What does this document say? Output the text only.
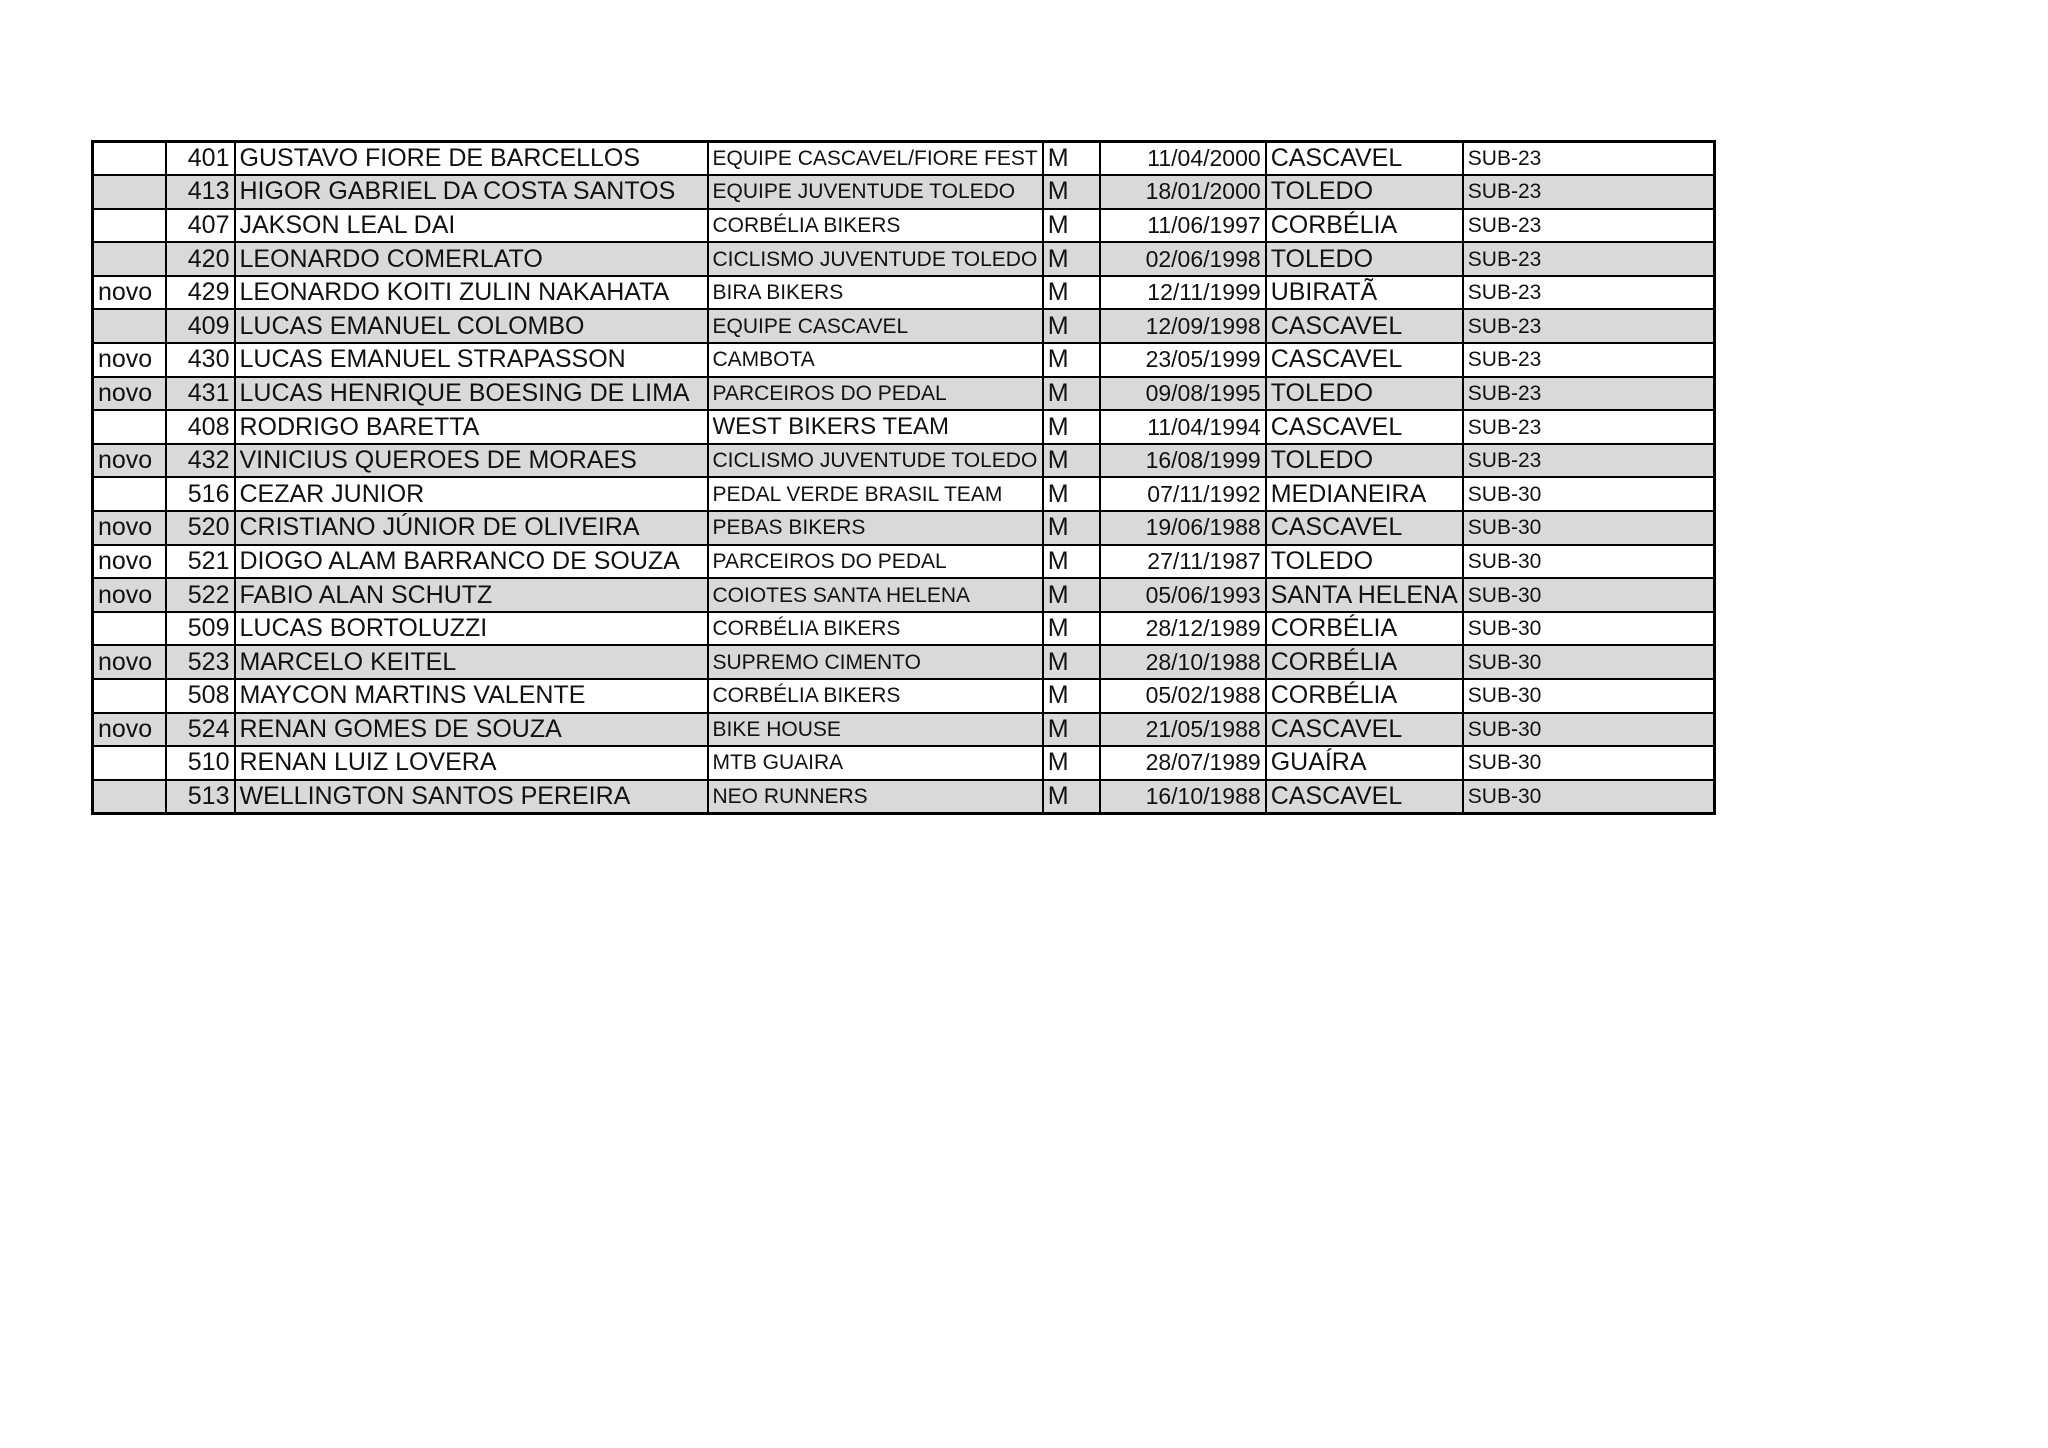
	401	GUSTAVO FIORE DE BARCELLOS	EQUIPE CASCAVEL/FIORE FEST	M	11/04/2000	CASCAVEL	SUB-23
	413	HIGOR GABRIEL DA COSTA SANTOS	EQUIPE JUVENTUDE TOLEDO	M	18/01/2000	TOLEDO	SUB-23
	407	JAKSON LEAL DAI	CORBÉLIA BIKERS	M	11/06/1997	CORBÉLIA	SUB-23
	420	LEONARDO COMERLATO	CICLISMO JUVENTUDE TOLEDO	M	02/06/1998	TOLEDO	SUB-23
novo	429	LEONARDO KOITI ZULIN NAKAHATA	BIRA BIKERS	M	12/11/1999	UBIRATÃ	SUB-23
	409	LUCAS EMANUEL COLOMBO	EQUIPE CASCAVEL	M	12/09/1998	CASCAVEL	SUB-23
novo	430	LUCAS EMANUEL STRAPASSON	CAMBOTA	M	23/05/1999	CASCAVEL	SUB-23
novo	431	LUCAS HENRIQUE BOESING DE LIMA	PARCEIROS DO PEDAL	M	09/08/1995	TOLEDO	SUB-23
	408	RODRIGO BARETTA	WEST BIKERS TEAM	M	11/04/1994	CASCAVEL	SUB-23
novo	432	VINICIUS QUEROES DE MORAES	CICLISMO JUVENTUDE TOLEDO	M	16/08/1999	TOLEDO	SUB-23
	516	CEZAR JUNIOR	PEDAL VERDE BRASIL TEAM	M	07/11/1992	MEDIANEIRA	SUB-30
novo	520	CRISTIANO JÚNIOR DE OLIVEIRA	PEBAS BIKERS	M	19/06/1988	CASCAVEL	SUB-30
novo	521	DIOGO ALAM BARRANCO DE SOUZA	PARCEIROS DO PEDAL	M	27/11/1987	TOLEDO	SUB-30
novo	522	FABIO ALAN SCHUTZ	COIOTES SANTA HELENA	M	05/06/1993	SANTA HELENA	SUB-30
	509	LUCAS BORTOLUZZI	CORBÉLIA BIKERS	M	28/12/1989	CORBÉLIA	SUB-30
novo	523	MARCELO KEITEL	SUPREMO CIMENTO	M	28/10/1988	CORBÉLIA	SUB-30
	508	MAYCON MARTINS VALENTE	CORBÉLIA BIKERS	M	05/02/1988	CORBÉLIA	SUB-30
novo	524	RENAN GOMES DE SOUZA	BIKE HOUSE	M	21/05/1988	CASCAVEL	SUB-30
	510	RENAN LUIZ LOVERA	MTB GUAIRA	M	28/07/1989	GUAÍRA	SUB-30
	513	WELLINGTON SANTOS PEREIRA	NEO RUNNERS	M	16/10/1988	CASCAVEL	SUB-30
